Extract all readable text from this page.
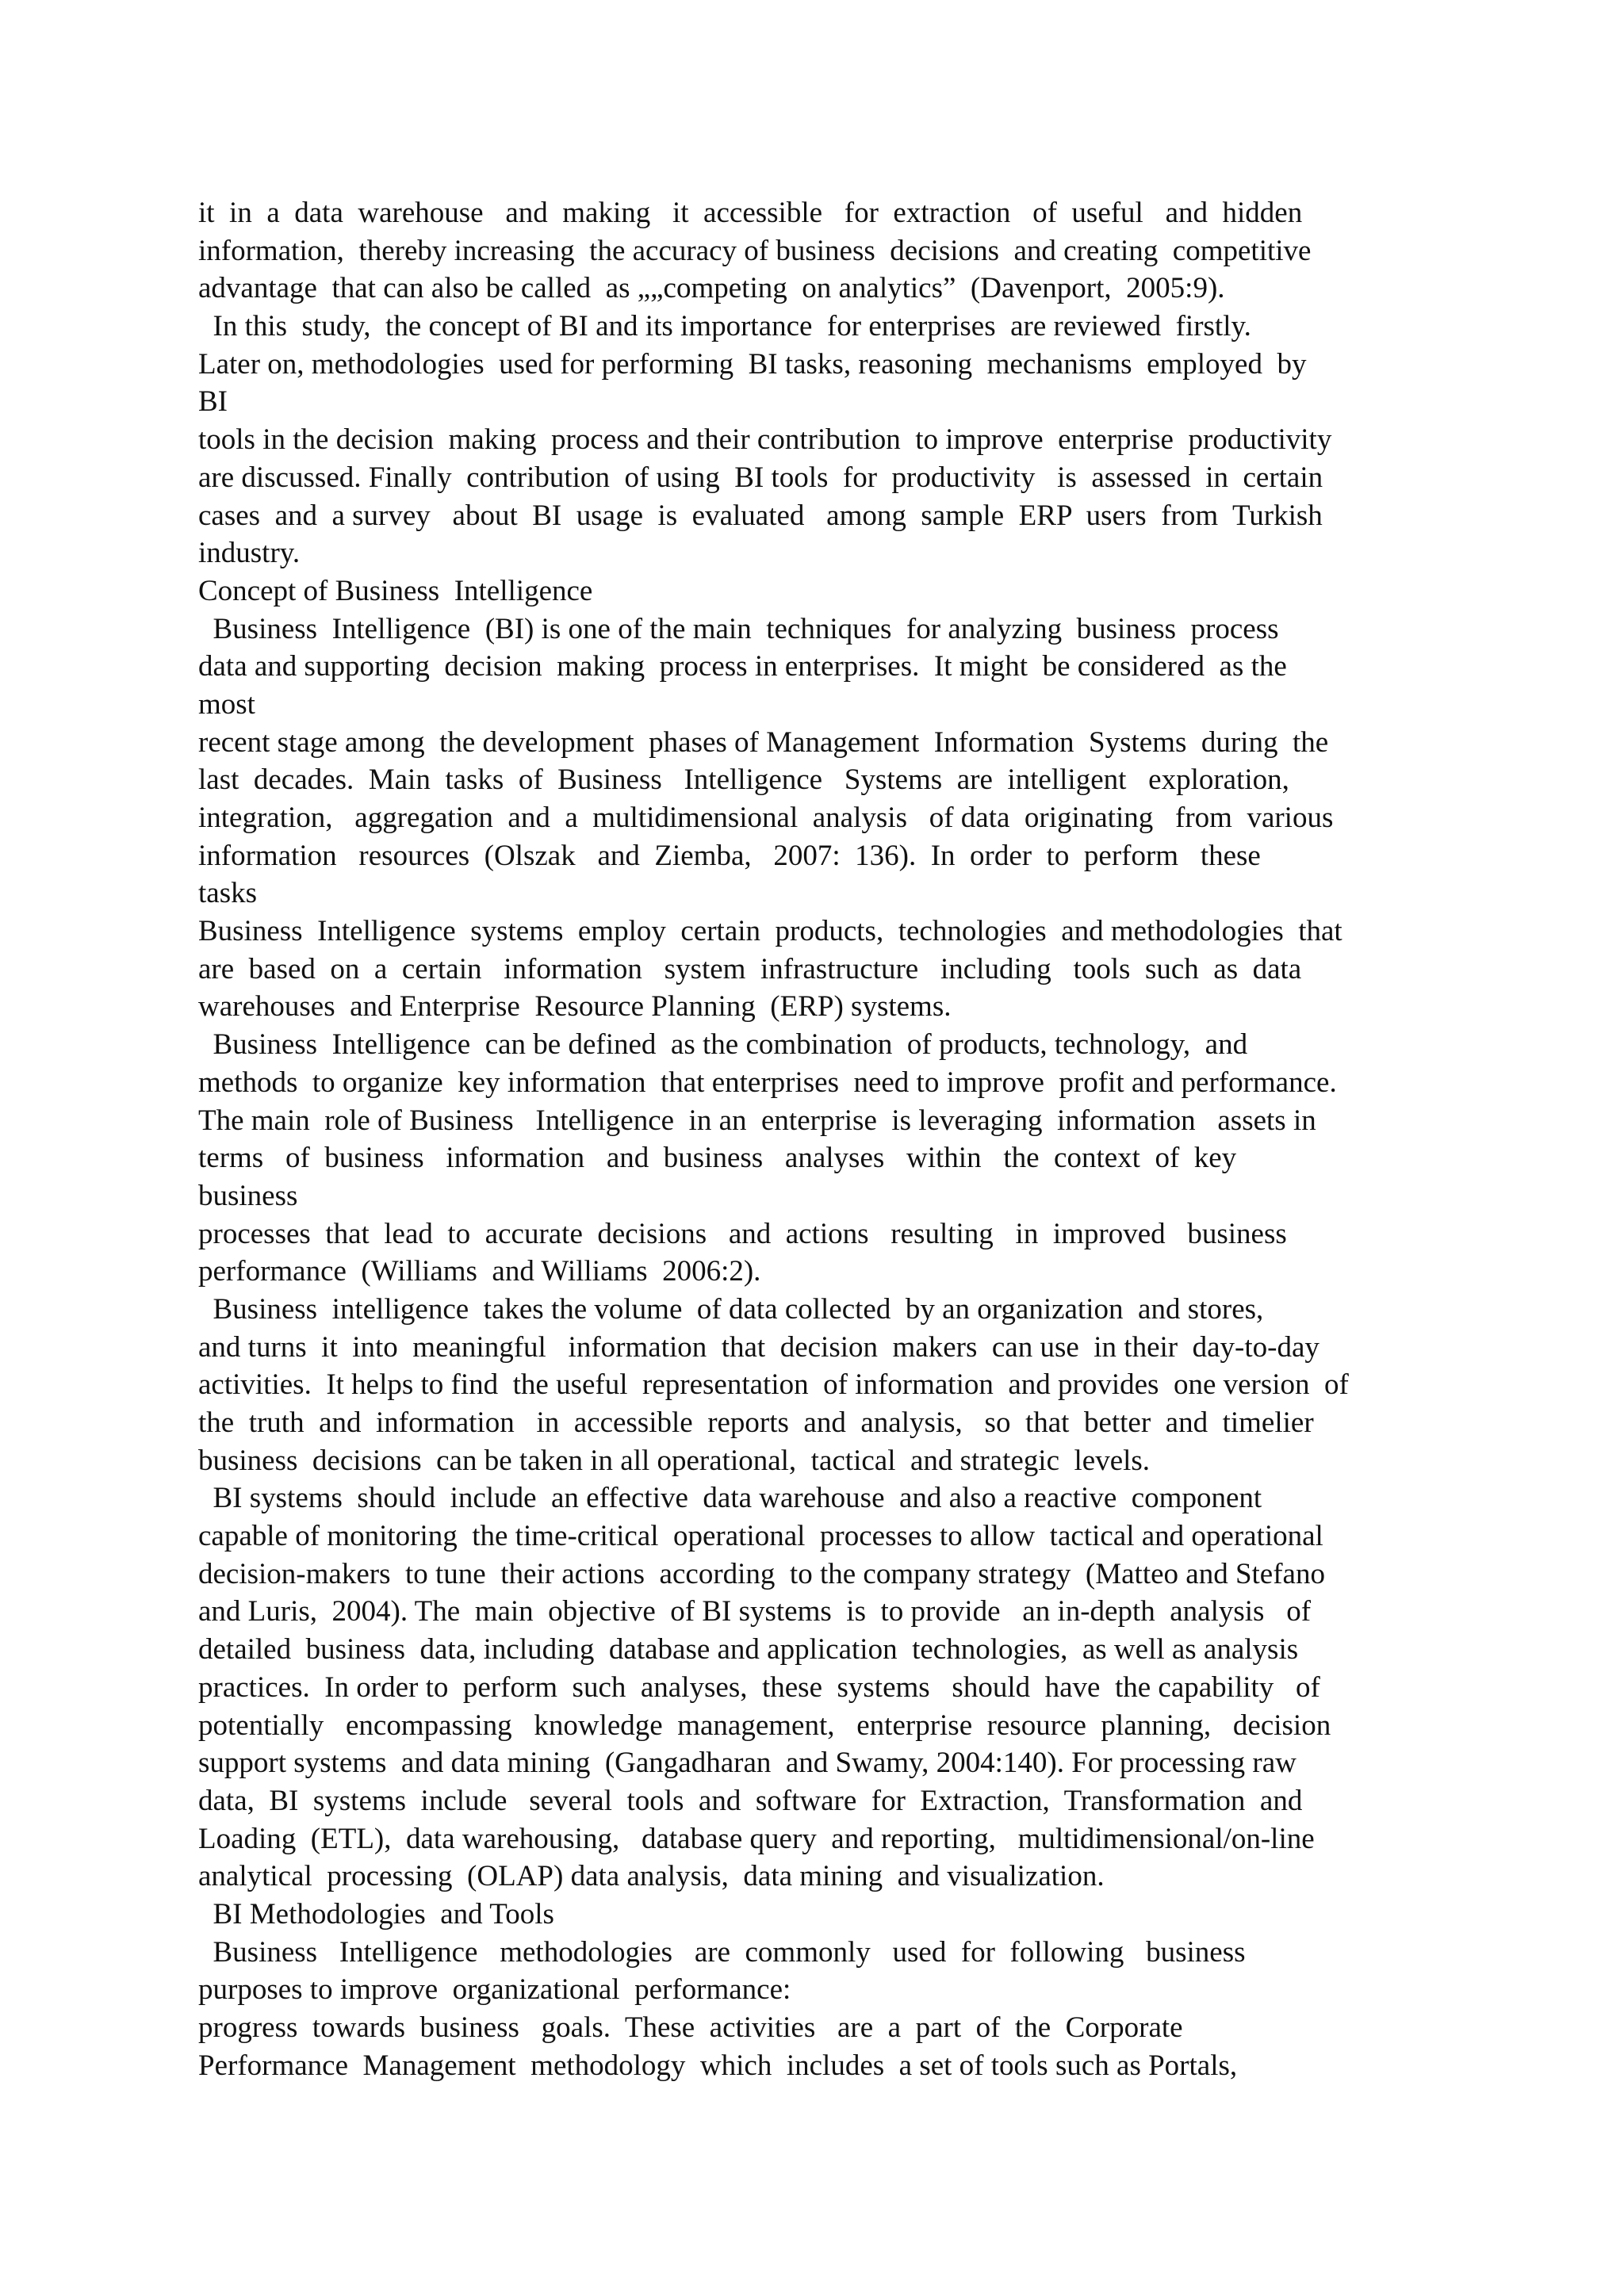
it  in  a  data  warehouse   and  making   it  accessible   for  extraction   of  useful   and  hidden
information,  thereby increasing  the accuracy of business  decisions  and creating  competitive
advantage  that can also be called  as „„competing  on analytics”  (Davenport,  2005:9).
In this  study,  the concept of BI and its importance  for enterprises  are reviewed  firstly.
Later on, methodologies  used for performing  BI tasks, reasoning  mechanisms  employed  by
BI
tools in the decision  making  process and their contribution  to improve  enterprise  productivity
are discussed. Finally  contribution  of using  BI tools  for  productivity   is  assessed  in  certain
cases  and  a survey   about  BI  usage  is  evaluated   among  sample  ERP  users  from  Turkish
industry.
Concept of Business  Intelligence
Business  Intelligence  (BI) is one of the main  techniques  for analyzing  business  process
data and supporting  decision  making  process in enterprises.  It might  be considered  as the
most
recent stage among  the development  phases of Management  Information  Systems  during  the
last  decades.  Main  tasks  of  Business   Intelligence   Systems  are  intelligent   exploration,
integration,   aggregation  and  a  multidimensional  analysis   of data  originating   from  various
information   resources  (Olszak   and  Ziemba,   2007:  136).  In  order  to  perform   these
tasks
Business  Intelligence  systems  employ  certain  products,  technologies  and methodologies  that
are  based  on  a  certain   information   system  infrastructure   including   tools  such  as  data
warehouses  and Enterprise  Resource Planning  (ERP) systems.
Business  Intelligence  can be defined  as the combination  of products, technology,  and
methods  to organize  key information  that enterprises  need to improve  profit and performance.
The main  role of Business   Intelligence  in an  enterprise  is leveraging  information   assets in
terms   of  business   information   and  business   analyses   within   the  context  of  key
business
processes  that  lead  to  accurate  decisions   and  actions   resulting   in  improved   business
performance  (Williams  and Williams  2006:2).
Business  intelligence  takes the volume  of data collected  by an organization  and stores,
and turns  it  into  meaningful   information  that  decision  makers  can use  in their  day-to-day
activities.  It helps to find  the useful  representation  of information  and provides  one version  of
the  truth  and  information   in  accessible  reports  and  analysis,   so  that  better  and  timelier
business  decisions  can be taken in all operational,  tactical  and strategic  levels.
BI systems  should  include  an effective  data warehouse  and also a reactive  component
capable of monitoring  the time-critical  operational  processes to allow  tactical and operational
decision-makers  to tune  their actions  according  to the company strategy  (Matteo and Stefano
and Luris,  2004). The  main  objective  of BI systems  is  to provide   an in-depth  analysis   of
detailed  business  data, including  database and application  technologies,  as well as analysis
practices.  In order to  perform  such  analyses,  these  systems   should  have  the capability   of
potentially   encompassing   knowledge  management,   enterprise  resource  planning,   decision
support systems  and data mining  (Gangadharan  and Swamy, 2004:140). For processing raw
data,  BI  systems  include   several  tools  and  software  for  Extraction,  Transformation  and
Loading  (ETL),  data warehousing,   database query  and reporting,   multidimensional/on-line
analytical  processing  (OLAP) data analysis,  data mining  and visualization.
BI Methodologies  and Tools
Business   Intelligence   methodologies   are  commonly   used  for  following   business
purposes to improve  organizational  performance:
progress  towards  business   goals.  These  activities   are  a  part  of  the  Corporate
Performance  Management  methodology  which  includes  a set of tools such as Portals,
